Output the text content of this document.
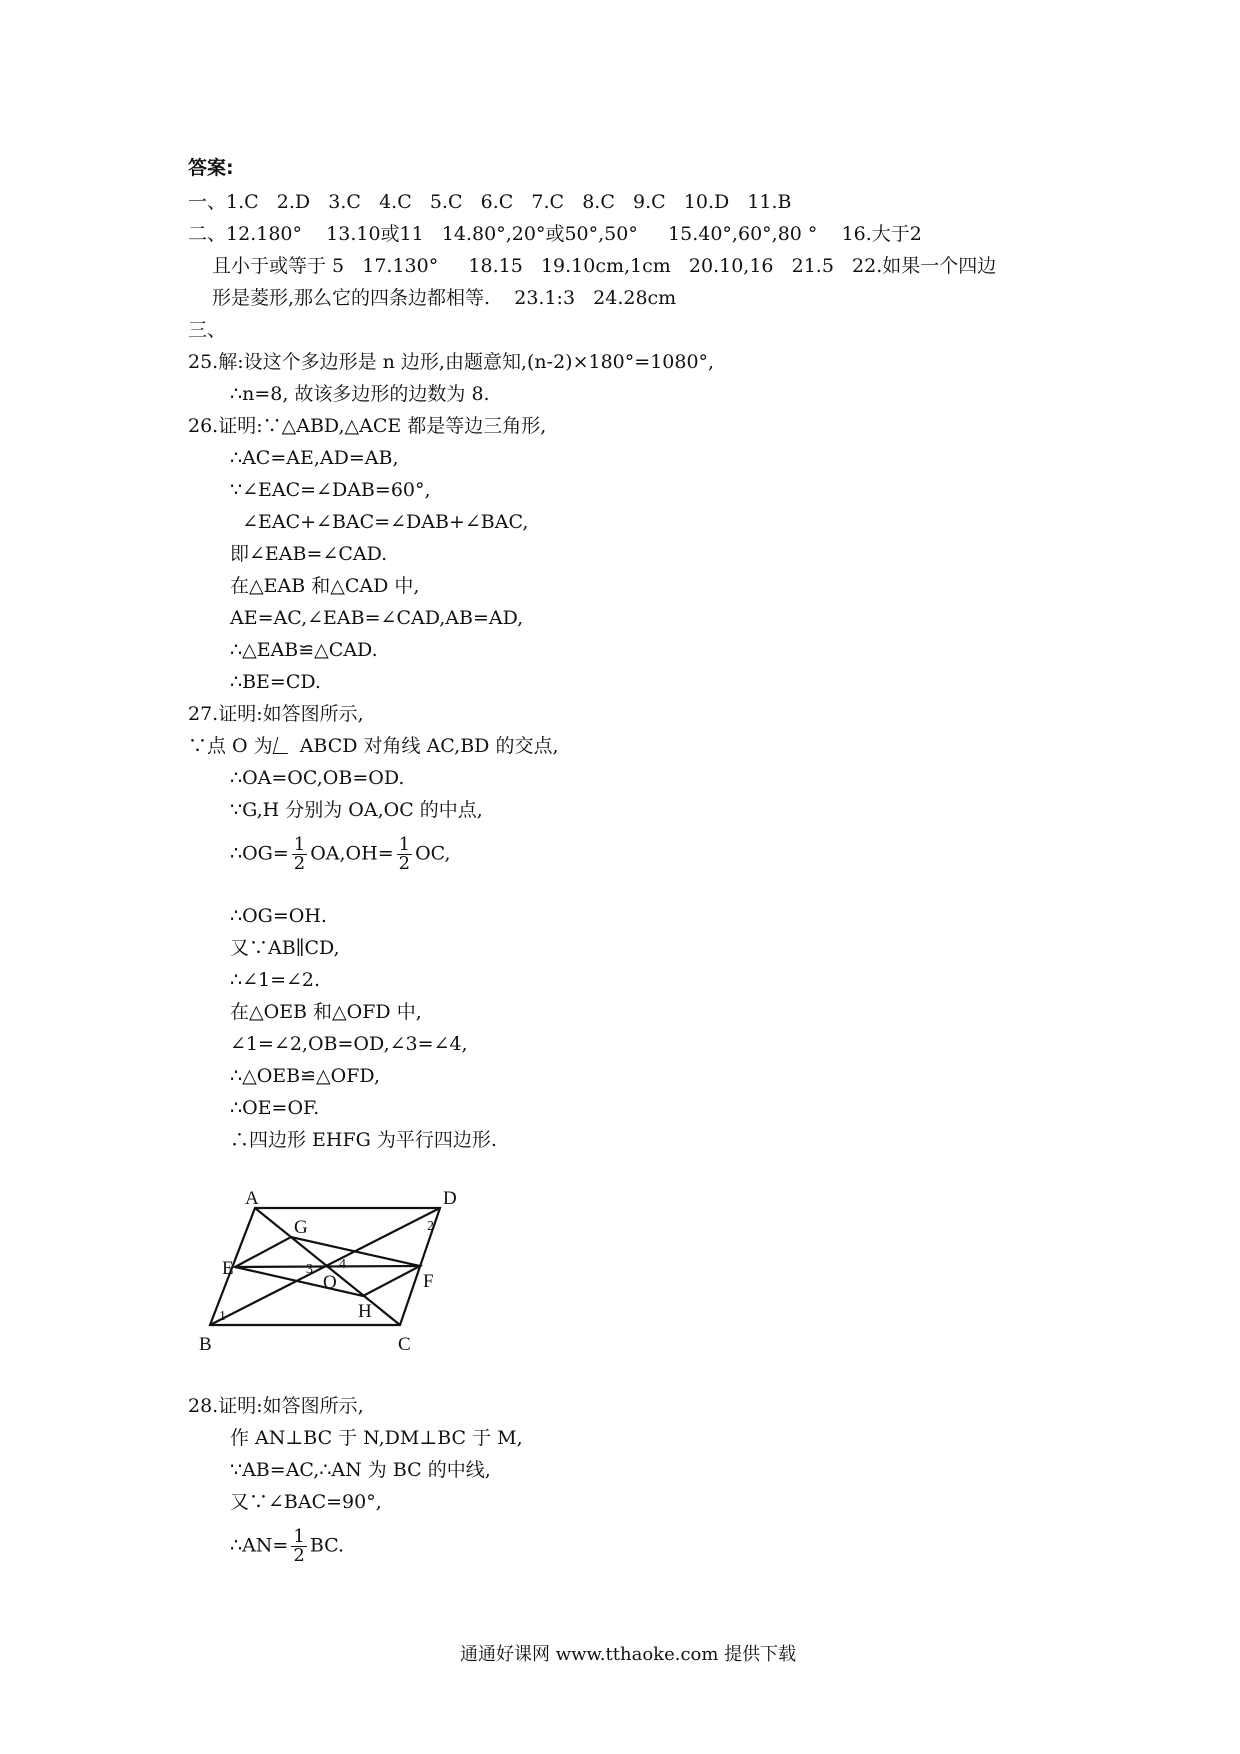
答案:
一、1.C   2.D   3.C   4.C   5.C   6.C   7.C   8.C   9.C   10.D   11.B
二、12.180°    13.10或11   14.80°,20°或50°,50°     15.40°,60°,80 °    16.大于2
且小于或等于 5   17.130°     18.15   19.10cm,1cm   20.10,16   21.5   22.如果一个四边
形是菱形,那么它的四条边都相等.    23.1:3   24.28cm
三、
25.解:设这个多边形是 n 边形,由题意知,(n-2)×180°=1080°,
∴n=8, 故该多边形的边数为 8.
26.证明:∵△ABD,△ACE 都是等边三角形,
∴AC=AE,AD=AB,
∵∠EAC=∠DAB=60°,
∠EAC+∠BAC=∠DAB+∠BAC,
即∠EAB=∠CAD.
在△EAB 和△CAD 中,
AE=AC,∠EAB=∠CAD,AB=AD,
∴△EAB≌△CAD.
∴BE=CD.
27.证明:如答图所示,
∵点 O 为 ABCD 对角线 AC,BD 的交点,
∴OA=OC,OB=OD.
∵G,H 分别为 OA,OC 的中点,
∴OG= $\frac{1}{2} OA,OH= \frac{1}{2}$ OC,
∴OG=OH.
又∵AB∥CD,
∴∠1=∠2.
在△OEB 和△OFD 中,
∠1=∠2,OB=OD,∠3=∠4,
∴△OEB≌△OFD,
∴OE=OF.
∴四边形 EHFG 为平行四边形.
A	D
B	C
E
F
G
H
O
1
2
3 4
28.证明:如答图所示,
作 AN⊥BC 于 N,DM⊥BC 于 M,
∵AB=AC,∴AN 为 BC 的中线,
又∵∠BAC=90°,
∴AN= $\frac{1}{2}$ BC.
通通好课网 www.tthaoke.com 提供下载
